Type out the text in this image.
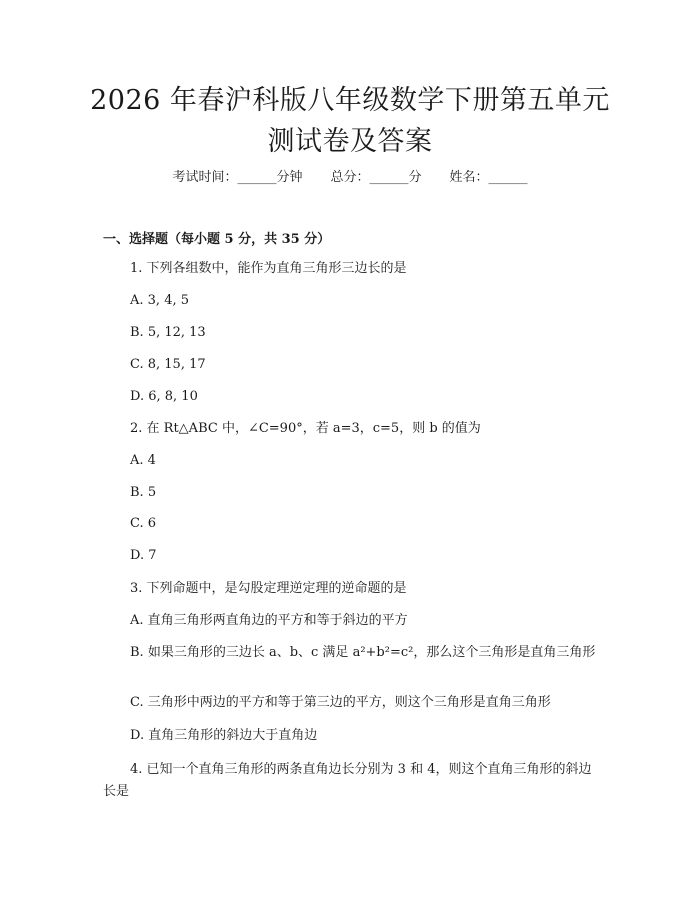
2026 年春沪科版八年级数学下册第五单元测试卷及答案
考试时间：______分钟 总分：______分 姓名：______
一、选择题（每小题 5 分，共 35 分）
1. 下列各组数中，能作为直角三角形三边长的是
A. 3, 4, 5
B. 5, 12, 13
C. 8, 15, 17
D. 6, 8, 10
2. 在 Rt△ABC 中，∠C=90°，若 a=3，c=5，则 b 的值为
A. 4
B. 5
C. 6
D. 7
3. 下列命题中，是勾股定理逆定理的逆命题的是
A. 直角三角形两直角边的平方和等于斜边的平方
B. 如果三角形的三边长 a、b、c 满足 a²+b²=c²，那么这个三角形是直角三角形
C. 三角形中两边的平方和等于第三边的平方，则这个三角形是直角三角形
D. 直角三角形的斜边大于直角边
4. 已知一个直角三角形的两条直角边长分别为 3 和 4，则这个直角三角形的斜边长是
